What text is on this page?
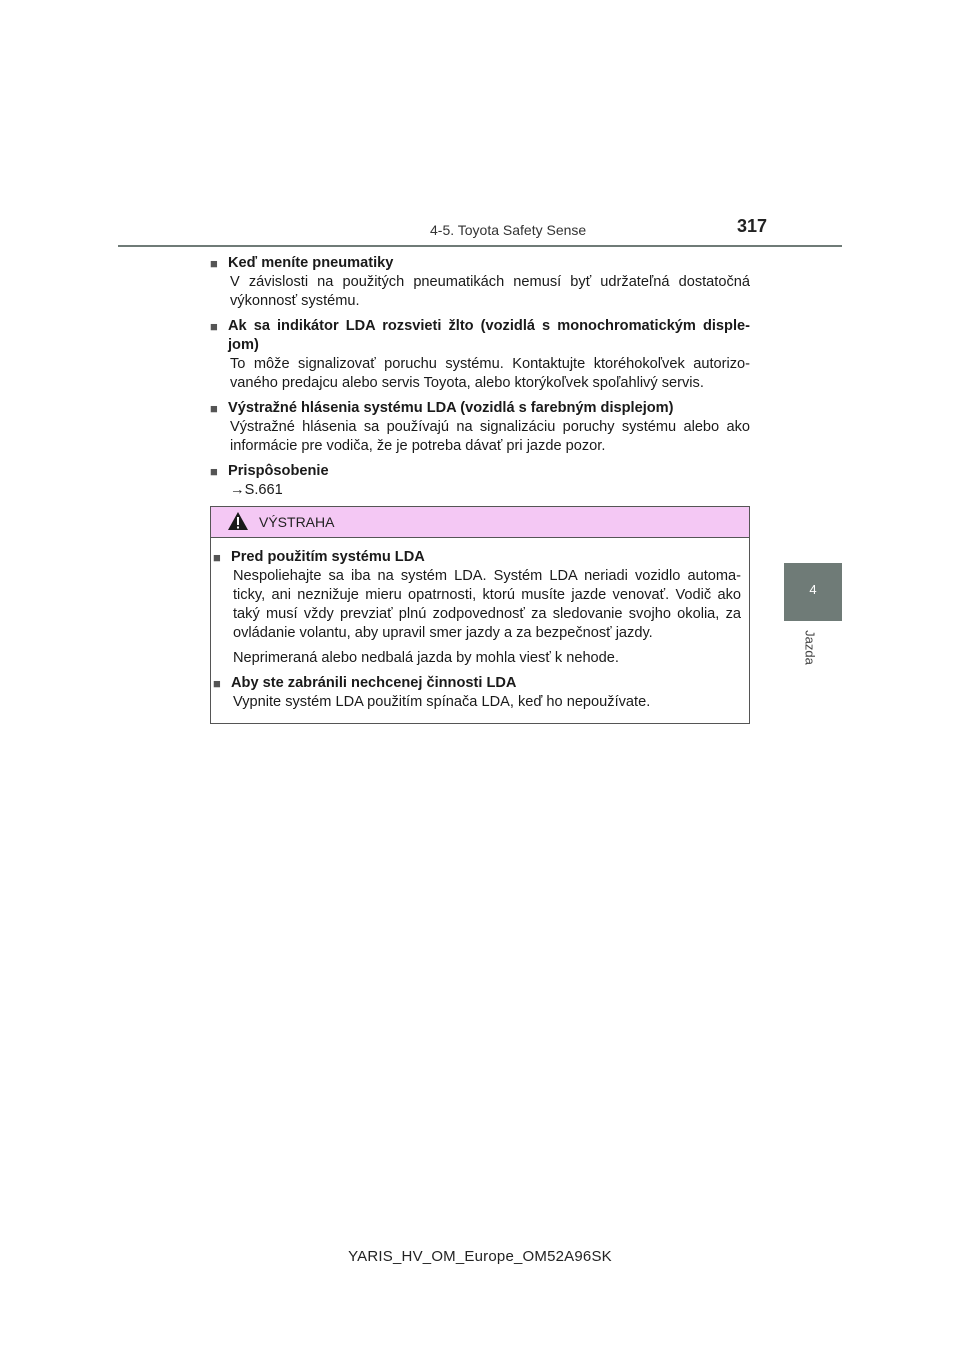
4-5. Toyota Safety Sense	317
4
Jazda
■ Keď meníte pneumatiky

V závislosti na použitých pneumatikách nemusí byť udržateľná dostatočná výkonnosť systému.

■ Ak sa indikátor LDA rozsvieti žlto (vozidlá s monochromatickým disple-jom)

To môže signalizovať poruchu systému. Kontaktujte ktoréhokoľvek autorizo-vaného predajcu alebo servis Toyota, alebo ktorýkoľvek spoľahlivý servis.

■ Výstražné hlásenia systému LDA (vozidlá s farebným displejom)

Výstražné hlásenia sa používajú na signalizáciu poruchy systému alebo ako informácie pre vodiča, že je potreba dávať pri jazde pozor.

■ Prispôsobenie

→S.661

VÝSTRAHA
■ Pred použitím systému LDA

Nespoliehajte sa iba na systém LDA. Systém LDA neriadi vozidlo automa-ticky, ani neznižuje mieru opatrnosti, ktorú musíte jazde venovať. Vodič ako taký musí vždy prevziať plnú zodpovednosť za sledovanie svojho okolia, za ovládanie volantu, aby upravil smer jazdy a za bezpečnosť jazdy.

Neprimeraná alebo nedbalá jazda by mohla viesť k nehode.

■ Aby ste zabránili nechcenej činnosti LDA

Vypnite systém LDA použitím spínača LDA, keď ho nepoužívate.

YARIS_HV_OM_Europe_OM52A96SK
